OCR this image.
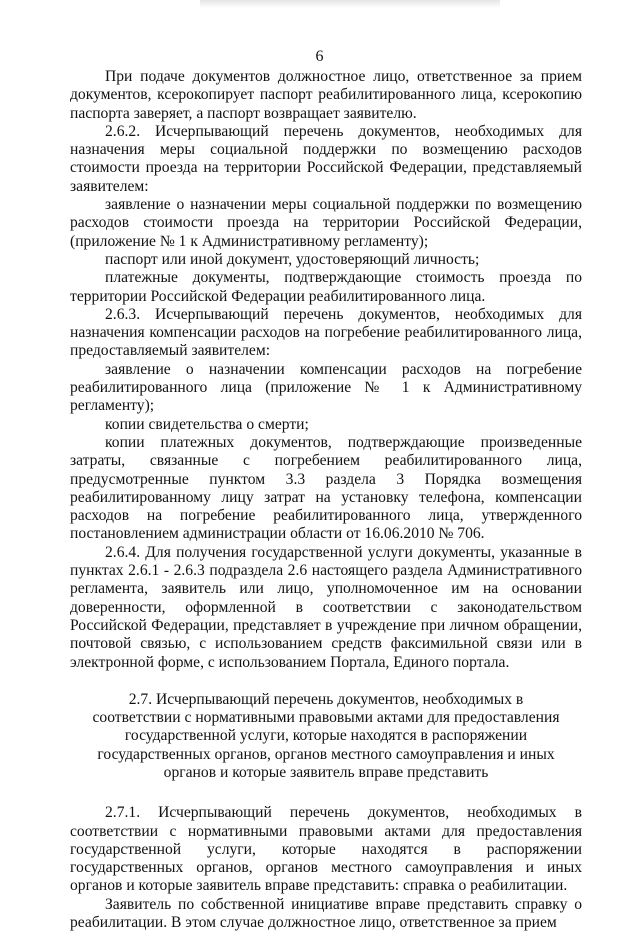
6

При подаче документов должностное лицо, ответственное за прием документов, ксерокопирует паспорт реабилитированного лица, ксерокопию паспорта заверяет, а паспорт возвращает заявителю.

2.6.2. Исчерпывающий перечень документов, необходимых для назначения меры социальной поддержки по возмещению расходов стоимости проезда на территории Российской Федерации, представляемый заявителем:

заявление о назначении меры социальной поддержки по возмещению расходов стоимости проезда на территории Российской Федерации, (приложение № 1 к Административному регламенту);

паспорт или иной документ, удостоверяющий личность;

платежные документы, подтверждающие стоимость проезда по территории Российской Федерации реабилитированного лица.

2.6.3. Исчерпывающий перечень документов, необходимых для назначения компенсации расходов на погребение реабилитированного лица, предоставляемый заявителем:

заявление о назначении компенсации расходов на погребение реабилитированного лица (приложение № 1 к Административному регламенту);

копии свидетельства о смерти;

копии платежных документов, подтверждающие произведенные затраты, связанные с погребением реабилитированного лица, предусмотренные пунктом 3.3 раздела 3 Порядка возмещения реабилитированному лицу затрат на установку телефона, компенсации расходов на погребение реабилитированного лица, утвержденного постановлением администрации области от 16.06.2010 № 706.

2.6.4. Для получения государственной услуги документы, указанные в пунктах 2.6.1 - 2.6.3 подраздела 2.6 настоящего раздела Административного регламента, заявитель или лицо, уполномоченное им на основании доверенности, оформленной в соответствии с законодательством Российской Федерации, представляет в учреждение при личном обращении, почтовой связью, с использованием средств факсимильной связи или в электронной форме, с использованием Портала, Единого портала.

2.7. Исчерпывающий перечень документов, необходимых в соответствии с нормативными правовыми актами для предоставления государственной услуги, которые находятся в распоряжении государственных органов, органов местного самоуправления и иных органов и которые заявитель вправе представить

2.7.1. Исчерпывающий перечень документов, необходимых в соответствии с нормативными правовыми актами для предоставления государственной услуги, которые находятся в распоряжении государственных органов, органов местного самоуправления и иных органов и которые заявитель вправе представить: справка о реабилитации.

Заявитель по собственной инициативе вправе представить справку о реабилитации. В этом случае должностное лицо, ответственное за прием
